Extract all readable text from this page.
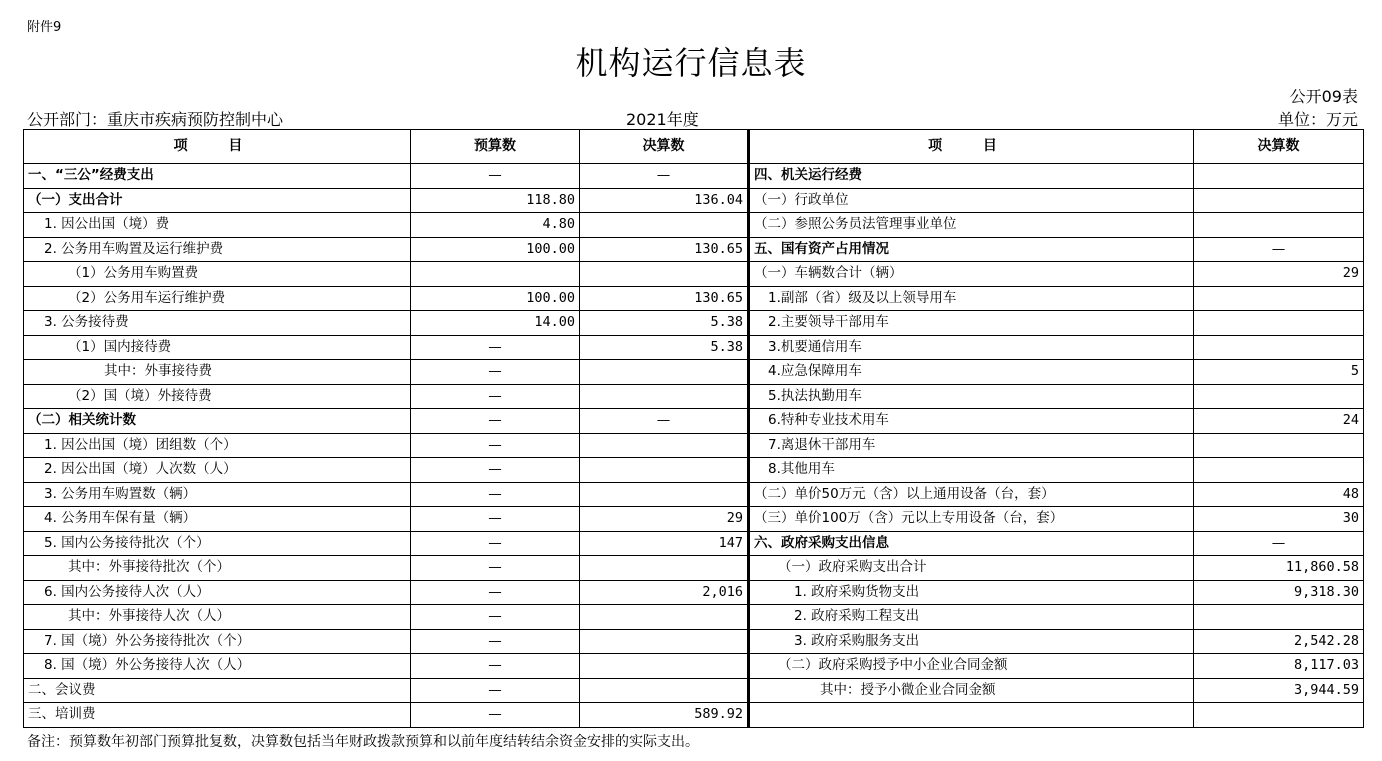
附件9
机构运行信息表
公开09表
公开部门：重庆市疾病预防控制中心	2021年度	单位：万元
项 目	预算数	决算数	项 目	决算数
一、“三公”经费支出	—	—	四、机关运行经费	
（一）支出合计	118.80	136.04	（一）行政单位	
1. 因公出国（境）费	4.80		（二）参照公务员法管理事业单位	
2. 公务用车购置及运行维护费	100.00	130.65	五、国有资产占用情况	—
（1）公务用车购置费			（一）车辆数合计（辆）	29
（2）公务用车运行维护费	100.00	130.65	1.副部（省）级及以上领导用车	
3. 公务接待费	14.00	5.38	2.主要领导干部用车	
（1）国内接待费	—	5.38	3.机要通信用车	
其中：外事接待费	—		4.应急保障用车	5
（2）国（境）外接待费	—		5.执法执勤用车	
（二）相关统计数	—	—	6.特种专业技术用车	24
1. 因公出国（境）团组数（个）	—		7.离退休干部用车	
2. 因公出国（境）人次数（人）	—		8.其他用车	
3. 公务用车购置数（辆）	—		（二）单价50万元（含）以上通用设备（台，套）	48
4. 公务用车保有量（辆）	—	29	（三）单价100万（含）元以上专用设备（台，套）	30
5. 国内公务接待批次（个）	—	147	六、政府采购支出信息	—
其中：外事接待批次（个）	—		（一）政府采购支出合计	11,860.58
6. 国内公务接待人次（人）	—	2,016	1. 政府采购货物支出	9,318.30
其中：外事接待人次（人）	—		2. 政府采购工程支出	
7. 国（境）外公务接待批次（个）	—		3. 政府采购服务支出	2,542.28
8. 国（境）外公务接待人次（人）	—		（二）政府采购授予中小企业合同金额	8,117.03
二、会议费	—		其中：授予小微企业合同金额	3,944.59
三、培训费	—	589.92		
备注：预算数年初部门预算批复数，决算数包括当年财政拨款预算和以前年度结转结余资金安排的实际支出。
